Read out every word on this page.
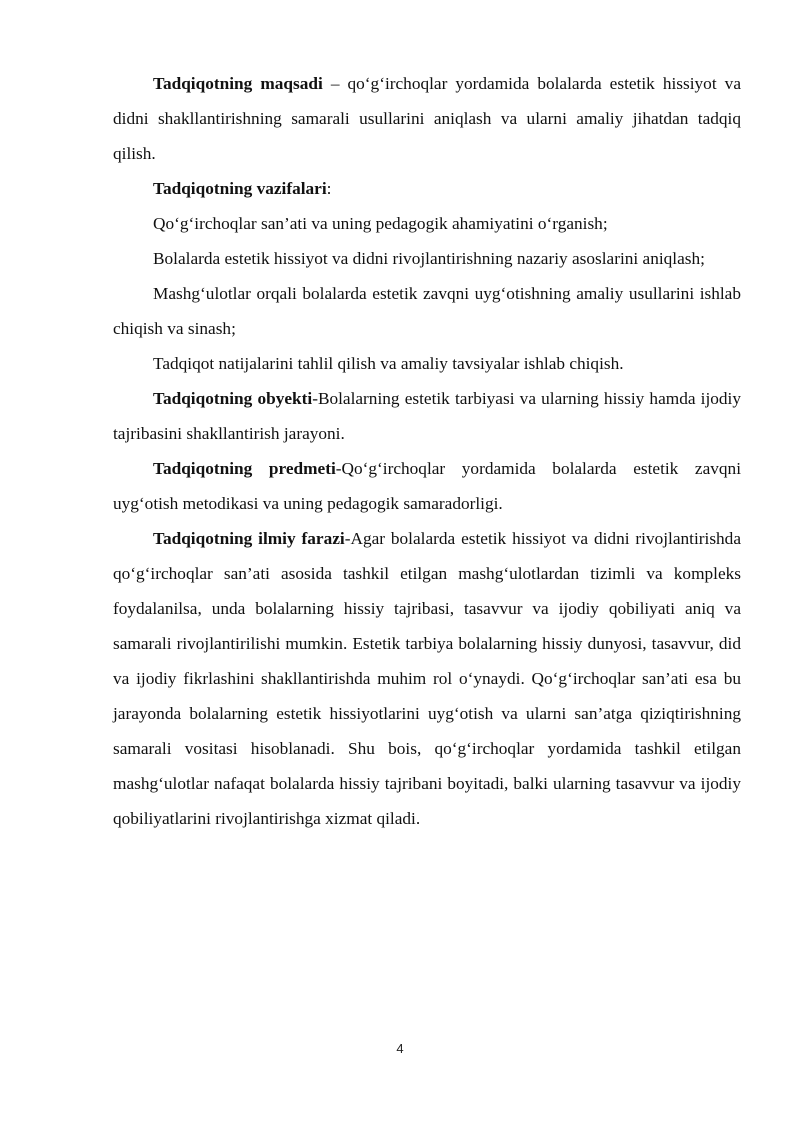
Tadqiqotning maqsadi – qo‘g‘irchoqlar yordamida bolalarda estetik hissiyot va didni shakllantirishning samarali usullarini aniqlash va ularni amaliy jihatdan tadqiq qilish.

Tadqiqotning vazifalari:

Qo‘g‘irchoqlar san’ati va uning pedagogik ahamiyatini o‘rganish;

Bolalarda estetik hissiyot va didni rivojlantirishning nazariy asoslarini aniqlash;

Mashg‘ulotlar orqali bolalarda estetik zavqni uyg‘otishning amaliy usullarini ishlab chiqish va sinash;

Tadqiqot natijalarini tahlil qilish va amaliy tavsiyalar ishlab chiqish.

Tadqiqotning obyekti-Bolalarning estetik tarbiyasi va ularning hissiy hamda ijodiy tajribasini shakllantirish jarayoni.

Tadqiqotning predmeti-Qo‘g‘irchoqlar yordamida bolalarda estetik zavqni uyg‘otish metodikasi va uning pedagogik samaradorligi.

Tadqiqotning ilmiy farazi-Agar bolalarda estetik hissiyot va didni rivojlantirishda qo‘g‘irchoqlar san’ati asosida tashkil etilgan mashg‘ulotlardan tizimli va kompleks foydalanilsa, unda bolalarning hissiy tajribasi, tasavvur va ijodiy qobiliyati aniq va samarali rivojlantirilishi mumkin. Estetik tarbiya bolalarning hissiy dunyosi, tasavvur, did va ijodiy fikrlashini shakllantirishda muhim rol o‘ynaydi. Qo‘g‘irchoqlar san’ati esa bu jarayonda bolalarning estetik hissiyotlarini uyg‘otish va ularni san’atga qiziqtirishning samarali vositasi hisoblanadi. Shu bois, qo‘g‘irchoqlar yordamida tashkil etilgan mashg‘ulotlar nafaqat bolalarda hissiy tajribani boyitadi, balki ularning tasavvur va ijodiy qobiliyatlarini rivojlantirishga xizmat qiladi.

4
